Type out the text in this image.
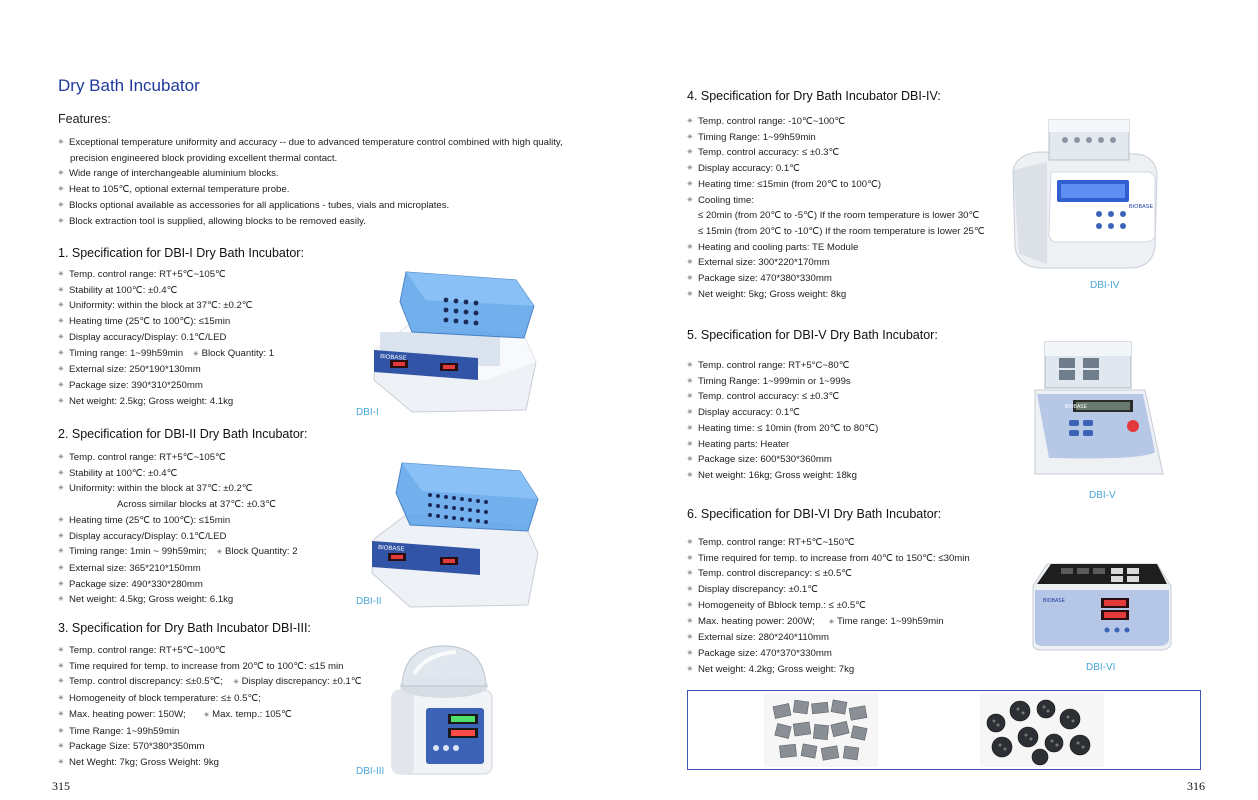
Dry Bath Incubator
Features:
✳ Exceptional temperature uniformity and accuracy -- due to advanced temperature control combined with high quality,
precision engineered block providing excellent thermal contact.
✳ Wide range of interchangeable aluminium blocks.
✳ Heat to 105℃, optional external temperature probe.
✳ Blocks optional available as accessories for all applications - tubes, vials and microplates.
✳ Block extraction tool is supplied, allowing blocks to be removed easily.
1. Specification for DBI-I Dry Bath Incubator:
✳ Temp. control range: RT+5℃~105℃
✳ Stability at 100℃: ±0.4℃
✳ Uniformity: within the block at 37℃: ±0.2℃
✳ Heating time (25℃ to 100℃): ≤15min
✳ Display accuracy/Display: 0.1℃/LED
✳ Timing range: 1~99h59min ✳ Block Quantity: 1
✳ External size: 250*190*130mm
✳ Package size: 390*310*250mm
✳ Net weight: 2.5kg; Gross weight: 4.1kg
BIOBASE
DBI-I
2. Specification for DBI-II Dry Bath Incubator:
✳ Temp. control range: RT+5℃~105℃
✳ Stability at 100℃: ±0.4℃
✳ Uniformity: within the block at 37℃: ±0.2℃
Across similar blocks at 37℃: ±0.3℃
✳ Heating time (25℃ to 100℃): ≤15min
✳ Display accuracy/Display: 0.1℃/LED
✳ Timing range: 1min ~ 99h59min; ✳ Block Quantity: 2
✳ External size: 365*210*150mm
✳ Package size: 490*330*280mm
✳ Net weight: 4.5kg; Gross weight: 6.1kg
BIOBASE
DBI-II
3. Specification for Dry Bath Incubator DBI-III:
✳ Temp. control range: RT+5℃~100℃
✳ Time required for temp. to increase from 20℃ to 100℃: ≤15 min
✳ Temp. control discrepancy: ≤±0.5℃; ✳ Display discrepancy: ±0.1℃
✳ Homogeneity of block temperature: ≤± 0.5℃;
✳ Max. heating power: 150W;	✳ Max. temp.: 105℃
✳ Time Range: 1~99h59min
✳ Package Size: 570*380*350mm
✳ Net Weght: 7kg; Gross Weight: 9kg
DBI-III
315
4. Specification for Dry Bath Incubator DBI-IV:
✳ Temp. control range: -10℃~100℃
✳ Timing Range: 1~99h59min
✳ Temp. control accuracy: ≤ ±0.3℃
✳ Display accuracy: 0.1℃
✳ Heating time: ≤15min (from 20℃ to 100℃)
✳ Cooling time:
≤ 20min (from 20℃ to -5℃) If the room temperature is lower 30℃
≤ 15min (from 20℃ to -10℃) If the room temperature is lower 25℃
✳ Heating and cooling parts: TE Module
✳ External size: 300*220*170mm
✳ Package size: 470*380*330mm
✳ Net weight: 5kg; Gross weight: 8kg
BIOBASE
DBI-IV
5. Specification for DBI-V Dry Bath Incubator:
✳ Temp. control range: RT+5°C~80℃
✳ Timing Range: 1~999min or 1~999s
✳ Temp. control accuracy: ≤ ±0.3℃
✳ Display accuracy: 0.1℃
✳ Heating time: ≤ 10min (from 20℃ to 80℃)
✳ Heating parts: Heater
✳ Package size: 600*530*360mm
✳ Net weight: 16kg; Gross weight: 18kg
BIOBASE
DBI-V
6. Specification for DBI-VI Dry Bath Incubator:
✳ Temp. control range: RT+5℃~150℃
✳ Time required for temp. to increase from 40℃ to 150℃: ≤30min
✳ Temp. control discrepancy: ≤ ±0.5℃
✳ Display discrepancy: ±0.1℃
✳ Homogeneity of Bblock temp.: ≤ ±0.5℃
✳ Max. heating power: 200W; ✳ Time range: 1~99h59min
✳ External size: 280*240*110mm
✳ Package size: 470*370*330mm
✳ Net weight: 4.2kg; Gross weight: 7kg
BIOBASE
DBI-VI
316
